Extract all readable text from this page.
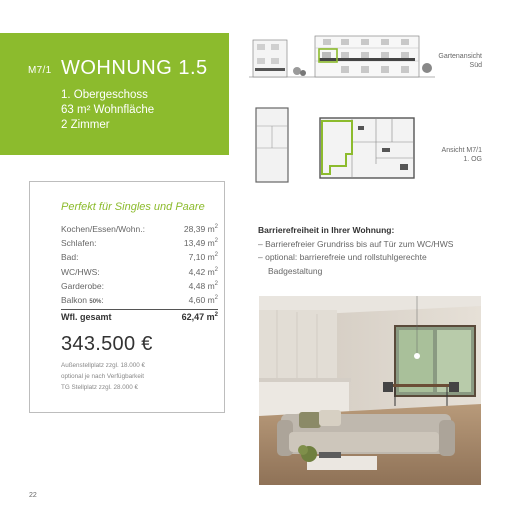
M7/1 WOHNUNG 1.5
1. Obergeschoss
63 m² Wohnfläche
2 Zimmer
Gartenansicht
Süd
Ansicht M7/1
1. OG
Perfekt für Singles und Paare
Kochen/Essen/Wohn.:	28,39 $m^2$
Schlafen:	13,49 $m^2$
Bad:	7,10 $m^2$
WC/HWS:	4,42 $m^2$
Garderobe:	4,48 $m^2$
Balkon 50%:	4,60 $m^2$
Wfl. gesamt	62,47 $m^2$
343.500 €
Außenstellplatz zzgl. 18.000 €
optional je nach Verfügbarkeit
TG Stellplatz zzgl. 28.000 €
Barrierefreiheit in Ihrer Wohnung:
– Barrierefreier Grundriss bis auf Tür zum WC/HWS
– optional: barrierefreie und rollstuhlgerechte
Badgestaltung
22
